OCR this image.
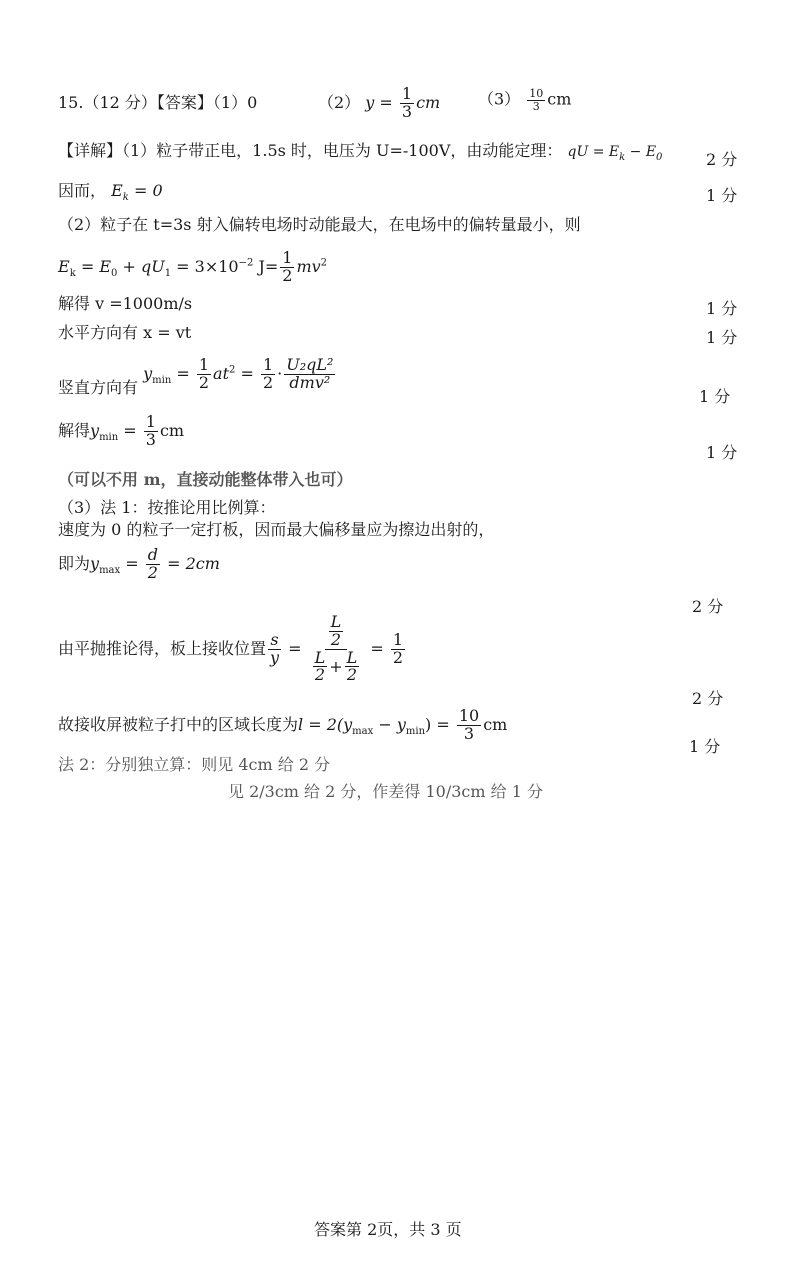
15.（12 分）【答案】（1）0	（2） $y = \frac{1}{3}$ cm $(3) \frac{10}{3}$ cm
【详解】（1）粒子带正电，1.5s 时，电压为 U=-100V，由动能定理： qU = $E_k - E_0$	2 分
因而， $E_k = 0$	1 分
（2）粒子在 t=3s 射入偏转电场时动能最大，在电场中的偏转量最小，则
$E_k = E_0 + qU_1 = 3\times 10^{-2}$ $J= \frac{1}{2} mv^2$
解得 v =1000m/s	1 分
水平方向有 x = vt	1 分
竖直方向有 $y_{min} = \frac{1}{2} at^2 = \frac{1}{2} \cdot \frac{\text{U₂qL²}}{\text{dmv²}}$
1 分
解得$y_{min} = \frac{1}{3}$ cm
1 分
（可以不用 m，直接动能整体带入也可）
（3）法 1：按推论用比例算：
速度为 0 的粒子一定打板，因而最大偏移量应为擦边出射的，
即为$y_{max} = \frac{d}{2} = 2cm$
2 分
由平抛推论得，板上接收位置 $\frac{s}{y} = \frac{\frac{L}{2}}{\frac{L}{2} + \frac{L}{2}} = \frac{1}{2}$
2 分
故接收屏被粒子打中的区域长度为$l = 2(y_{max} - y_{min}) = \frac{10}{3}$ cm
1 分
法 2：分别独立算：则见 4cm 给 2 分
见 2/3cm 给 2 分，作差得 10/3cm 给 1 分
答案第 2页，共 3 页
